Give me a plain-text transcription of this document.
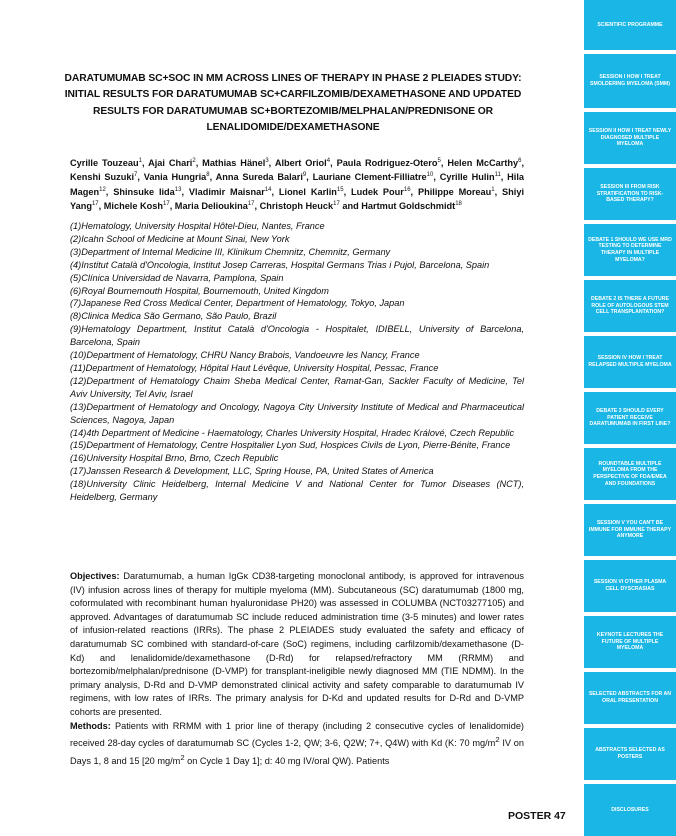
DARATUMUMAB SC+SOC IN MM ACROSS LINES OF THERAPY IN PHASE 2 PLEIADES STUDY: INITIAL RESULTS FOR DARATUMUMAB SC+CARFILZOMIB/DEXAMETHASONE AND UPDATED RESULTS FOR DARATUMUMAB SC+BORTEZOMIB/MELPHALAN/PREDNISONE OR LENALIDOMIDE/DEXAMETHASONE
Cyrille Touzeau$^1$, Ajai Chari$^2$, Mathias Hänel$^3$, Albert Oriol$^4$, Paula Rodriguez-Otero$^5$, Helen McCarthy$^6$, Kenshi Suzuki$^7$, Vania Hungria$^8$, Anna Sureda Balari$^9$, Lauriane Clement-Filliatre$^{10}$, Cyrille Hulin$^{11}$, Hila Magen$^{12}$, Shinsuke Iida$^{13}$, Vladimir Maisnar$^{14}$, Lionel Karlin$^{15}$, Ludek Pour$^{16}$, Philippe Moreau$^1$, Shiyi Yang$^{17}$, Michele Kosh$^{17}$, Maria Delioukina$^{17}$, Christoph Heuck$^{17}$ and Hartmut Goldschmidt$^{18}$
(1)Hematology, University Hospital Hôtel-Dieu, Nantes, France
(2)Icahn School of Medicine at Mount Sinai, New York
(3)Department of Internal Medicine III, Klinikum Chemnitz, Chemnitz, Germany
(4)Institut Català d'Oncologia, Institut Josep Carreras, Hospital Germans Trias i Pujol, Barcelona, Spain
(5)Clínica Universidad de Navarra, Pamplona, Spain
(6)Royal Bournemouth Hospital, Bournemouth, United Kingdom
(7)Japanese Red Cross Medical Center, Department of Hematology, Tokyo, Japan
(8)Clinica Medica São Germano, São Paulo, Brazil
(9)Hematology Department, Institut Català d'Oncologia - Hospitalet, IDIBELL, University of Barcelona, Barcelona, Spain
(10)Department of Hematology, CHRU Nancy Brabois, Vandoeuvre les Nancy, France
(11)Department of Hematology, Hôpital Haut Lévêque, University Hospital, Pessac, France
(12)Department of Hematology Chaim Sheba Medical Center, Ramat-Gan, Sackler Faculty of Medicine, Tel Aviv University, Tel Aviv, Israel
(13)Department of Hematology and Oncology, Nagoya City University Institute of Medical and Pharmaceutical Sciences, Nagoya, Japan
(14)4th Department of Medicine - Haematology, Charles University Hospital, Hradec Králové, Czech Republic
(15)Department of Hematology, Centre Hospitalier Lyon Sud, Hospices Civils de Lyon, Pierre-Bénite, France
(16)University Hospital Brno, Brno, Czech Republic
(17)Janssen Research & Development, LLC, Spring House, PA, United States of America
(18)University Clinic Heidelberg, Internal Medicine V and National Center for Tumor Diseases (NCT), Heidelberg, Germany
Objectives: Daratumumab, a human IgGκ CD38-targeting monoclonal antibody, is approved for intravenous (IV) infusion across lines of therapy for multiple myeloma (MM). Subcutaneous (SC) daratumumab (1800 mg, coformulated with recombinant human hyaluronidase PH20) was assessed in COLUMBA (NCT03277105) and approved. Advantages of daratumumab SC include reduced administration time (3-5 minutes) and lower rates of infusion-related reactions (IRRs). The phase 2 PLEIADES study evaluated the safety and efficacy of daratumumab SC combined with standard-of-care (SoC) regimens, including carfilzomib/dexamethasone (D-Kd) and lenalidomide/dexamethasone (D-Rd) for relapsed/refractory MM (RRMM) and bortezomib/melphalan/prednisone (D-VMP) for transplant-ineligible newly diagnosed MM (TIE NDMM). In the primary analysis, D-Rd and D-VMP demonstrated clinical activity and safety comparable to daratumumab IV regimens, with low rates of IRRs. The primary analysis for D-Kd and updated results for D-Rd and D-VMP cohorts are presented.
Methods: Patients with RRMM with 1 prior line of therapy (including 2 consecutive cycles of lenalidomide) received 28-day cycles of daratumumab SC (Cycles 1-2, QW; 3-6, Q2W; 7+, Q4W) with Kd (K: 70 $mg/m^2$ IV on Days 1, 8 and 15 [20 $mg/m^2$ on Cycle 1 Day 1]; d: 40 mg IV/oral QW). Patients
POSTER 47
SCIENTIFIC PROGRAMME
SESSION I HOW I TREAT SMOLDERING MYELOMA (SMM)
SESSION II HOW I TREAT NEWLY DIAGNOSED MULTIPLE MYELOMA
SESSION III FROM RISK STRATIFICATION TO RISK-BASED THERAPY?
DEBATE 1 SHOULD WE USE MRD TESTING TO DETERMINE THERAPY IN MULTIPLE MYELOMA?
DEBATE 2 IS THERE A FUTURE ROLE OF AUTOLOGOUS STEM CELL TRANSPLANTATION?
SESSION IV HOW I TREAT RELAPSED MULTIPLE MYELOMA
DEBATE 3 SHOULD EVERY PATIENT RECEIVE DARATUMUMAB IN FIRST LINE?
ROUNDTABLE MULTIPLE MYELOMA FROM THE PERSPECTIVE OF FDA/EMEA AND FOUNDATIONS
SESSION V YOU CAN'T BE IMMUNE FOR IMMUNE THERAPY ANYMORE
SESSION VI OTHER PLASMA CELL DYSCRASIAS
KEYNOTE LECTURES THE FUTURE OF MULTIPLE MYELOMA
SELECTED ABSTRACTS FOR AN ORAL PRESENTATION
ABSTRACTS SELECTED AS POSTERS
DISCLOSURES
